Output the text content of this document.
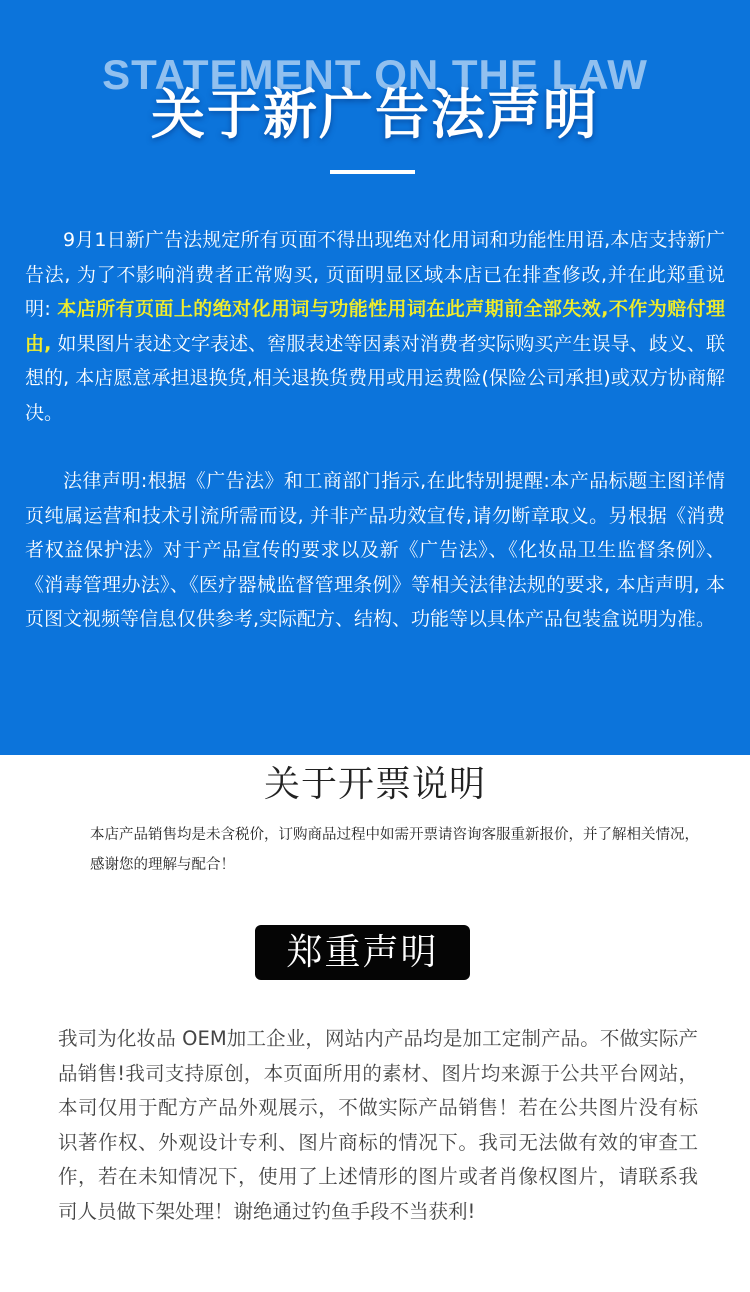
STATEMENT ON THE LAW
关于新广告法声明

9月1日新广告法规定所有页面不得出现绝对化用词和功能性用语,本店支持新广告法, 为了不影响消费者正常购买, 页面明显区域本店已在排查修改,并在此郑重说明: 本店所有页面上的绝对化用词与功能性用词在此声期前全部失效,不作为赔付理由, 如果图片表述文字表述、窖服表述等因素对消费者实际购买产生误导、歧义、联想的, 本店愿意承担退换货,相关退换货费用或用运费险(保险公司承担)或双方协商解决。

法律声明:根据《广告法》和工商部门指示,在此特别提醒:本产品标题主图详情页纯属运营和技术引流所需而设, 并非产品功效宣传,请勿断章取义。另根据《消费者权益保护法》对于产品宣传的要求以及新《广告法》、《化妆品卫生监督条例》、《消毒管理办法》、《医疗器械监督管理条例》等相关法律法规的要求, 本店声明, 本页图文视频等信息仅供参考,实际配方、结构、功能等以具体产品包装盒说明为准。

关于开票说明

本店产品销售均是未含税价，订购商品过程中如需开票请咨询客服重新报价，并了解相关情况，感谢您的理解与配合！

郑重声明

我司为化妆品 OEM加工企业，网站内产品均是加工定制产品。不做实际产品销售!我司支持原创，本页面所用的素材、图片均来源于公共平台网站，本司仅用于配方产品外观展示，不做实际产品销售！若在公共图片没有标识著作权、外观设计专利、图片商标的情况下。我司无法做有效的审查工作，若在未知情况下，使用了上述情形的图片或者肖像权图片，请联系我司人员做下架处理！谢绝通过钓鱼手段不当获利!
